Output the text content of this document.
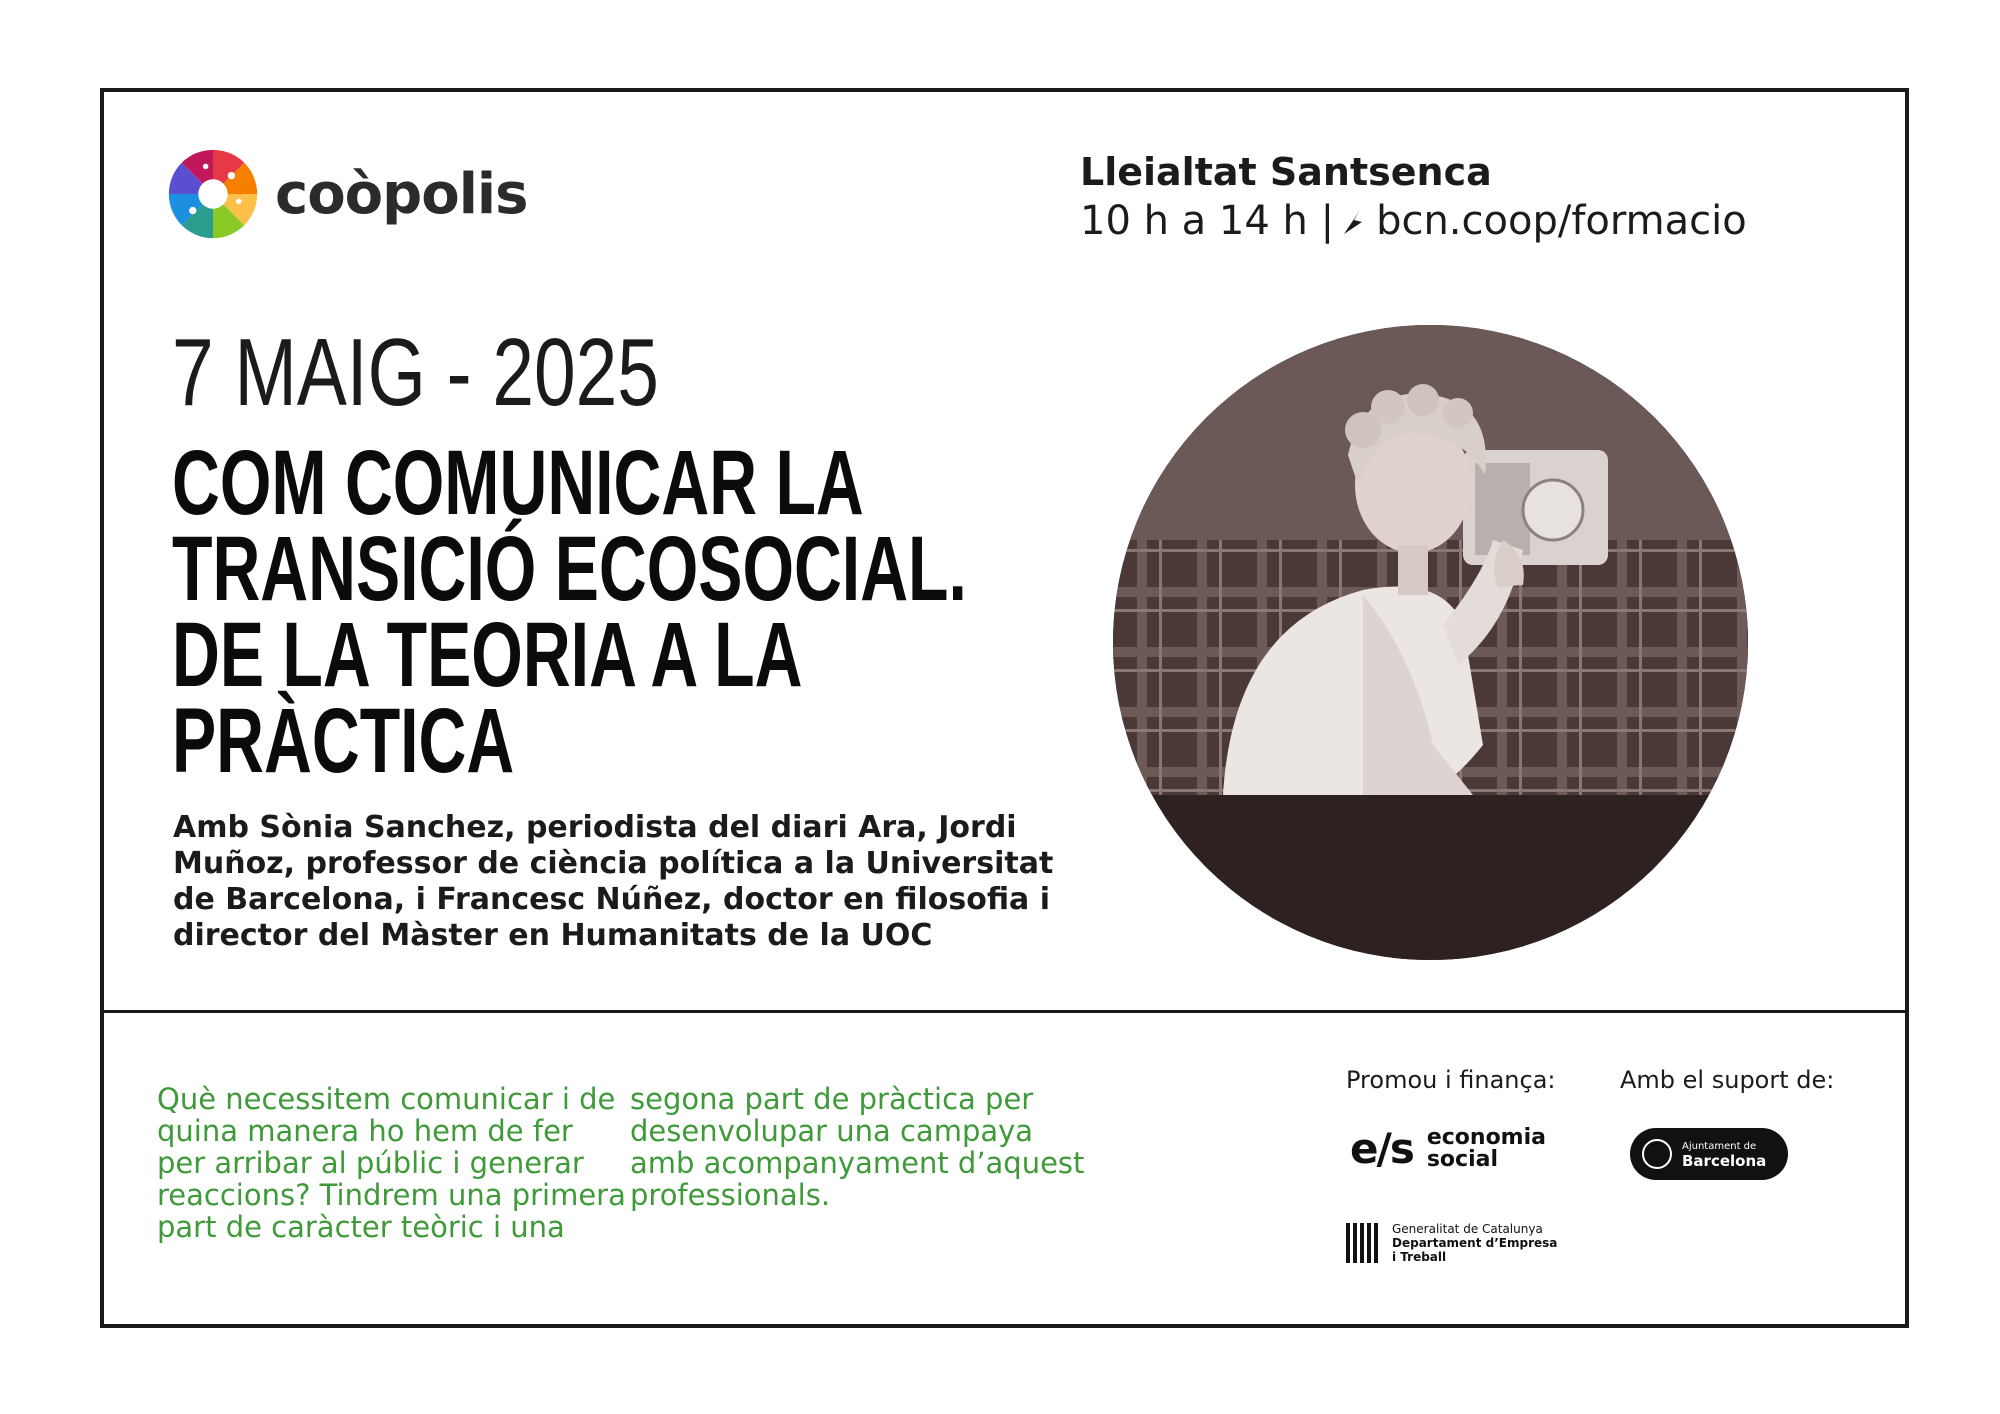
coòpolis	Lleialtat Santsenca
10 h a 14 h | bcn.coop/formacio
7 MAIG - 2025
COM COMUNICAR LA
TRANSICIÓ ECOSOCIAL.
DE LA TEORIA A LA
PRÀCTICA
Amb Sònia Sanchez, periodista del diari Ara, Jordi Muñoz, professor de ciència política a la Universitat de Barcelona, i Francesc Núñez, doctor en filosofia i director del Màster en Humanitats de la UOC
Què necessitem comunicar i de quina manera ho hem de fer per arribar al públic i generar reaccions? Tindrem una primera part de caràcter teòric i una
segona part de pràctica per desenvolupar una campaya amb acompanyament d’aquest professionals.
Promou i finança:	Amb el suport de:
e/s economia
social	Ajuntament de
Barcelona
Generalitat de Catalunya
Departament d’Empresa
i Treball
